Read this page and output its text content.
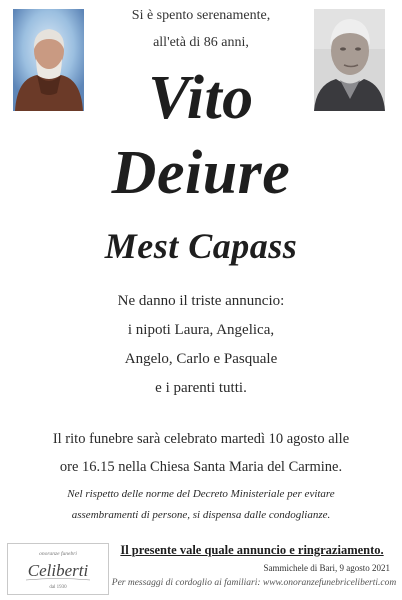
Si è spento serenamente,
all'età di 86 anni,
Vito
Deiure
Mest Capass
Ne danno il triste annuncio:
i nipoti Laura, Angelica,
Angelo, Carlo e Pasquale
e i parenti tutti.
Il rito funebre sarà celebrato martedì 10 agosto alle
ore 16.15 nella Chiesa Santa Maria del Carmine.
Nel rispetto delle norme del Decreto Ministeriale per evitare
assembramenti di persone, si dispensa dalle condoglianze.
onoranze funebri
Celiberti
dal 1930
Il presente vale quale annuncio e ringraziamento.
Sammichele di Bari, 9 agosto 2021
Per messaggi di cordoglio ai familiari: www.onoranzefunebriceliberti.com
